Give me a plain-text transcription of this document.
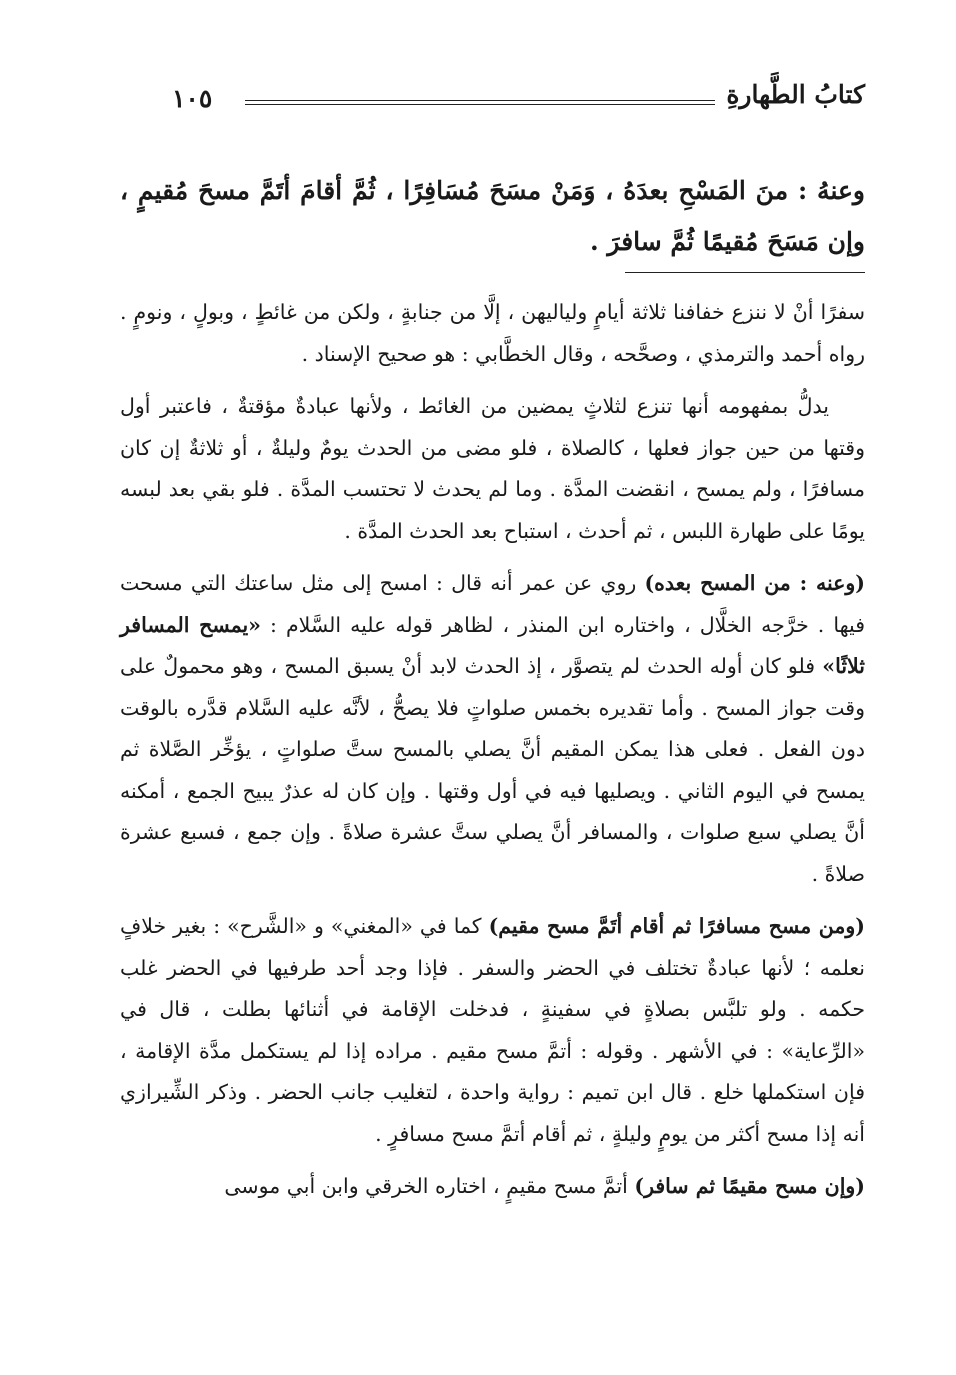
كتابُ الطَّهارةِ
١٠٥
وعنهُ : منَ المَسْحِ بعدَهُ ، وَمَنْ مسَحَ مُسَافِرًا ، ثُمَّ أقامَ أتَمَّ مسحَ مُقيمٍ ، وإن مَسَحَ مُقيمًا ثُمَّ سافرَ .

سفرًا أنْ لا ننزع خفافنا ثلاثة أيامٍ ولياليهن ، إلَّا من جنابةٍ ، ولكن من غائطٍ ، وبولٍ ، ونومٍ . رواه أحمد والترمذي ، وصحَّحه ، وقال الخطَّابي : هو صحيح الإسناد .

يدلُّ بمفهومه أنها تنزع لثلاثٍ يمضين من الغائط ، ولأنها عبادةٌ مؤقتةٌ ، فاعتبر أول وقتها من حين جواز فعلها ، كالصلاة ، فلو مضى من الحدث يومٌ وليلةٌ ، أو ثلاثةٌ إن كان مسافرًا ، ولم يمسح ، انقضت المدَّة . وما لم يحدث لا تحتسب المدَّة . فلو بقي بعد لبسه يومًا على طهارة اللبس ، ثم أحدث ، استباح بعد الحدث المدَّة .

(وعنه : من المسح بعده) روي عن عمر أنه قال : امسح إلى مثل ساعتك التي مسحت فيها . خرَّجه الخلَّال ، واختاره ابن المنذر ، لظاهر قوله عليه السَّلام : «يمسح المسافر ثلاثًا» فلو كان أوله الحدث لم يتصوَّر ، إذ الحدث لابد أنْ يسبق المسح ، وهو محمولٌ على وقت جواز المسح . وأما تقديره بخمس صلواتٍ فلا يصحُّ ، لأنَّه عليه السَّلام قدَّره بالوقت دون الفعل . فعلى هذا يمكن المقيم أنَّ يصلي بالمسح ستَّ صلواتٍ ، يؤخِّر الصَّلاة ثم يمسح في اليوم الثاني . ويصليها فيه في أول وقتها . وإن كان له عذرٌ يبيح الجمع ، أمكنه أنَّ يصلي سبع صلوات ، والمسافر أنَّ يصلي ستَّ عشرة صلاةً . وإن جمع ، فسبع عشرة صلاةً .

(ومن مسح مسافرًا ثم أقام أتَمَّ مسح مقيم) كما في «المغني» و «الشَّرح» : بغير خلافٍ نعلمه ؛ لأنها عبادةٌ تختلف في الحضر والسفر . فإذا وجد أحد طرفيها في الحضر غلب حكمه . ولو تلبَّس بصلاةٍ في سفينةٍ ، فدخلت الإقامة في أثنائها بطلت ، قال في «الرِّعاية» : في الأشهر . وقوله : أتمَّ مسح مقيم . مراده إذا لم يستكمل مدَّة الإقامة ، فإن استكملها خلع . قال ابن تميم : رواية واحدة ، لتغليب جانب الحضر . وذكر الشِّيرازي أنه إذا مسح أكثر من يومٍ وليلةٍ ، ثم أقام أتمَّ مسح مسافرٍ .

(وإن مسح مقيمًا ثم سافر) أتمَّ مسح مقيمٍ ، اختاره الخرقي وابن أبي موسى
